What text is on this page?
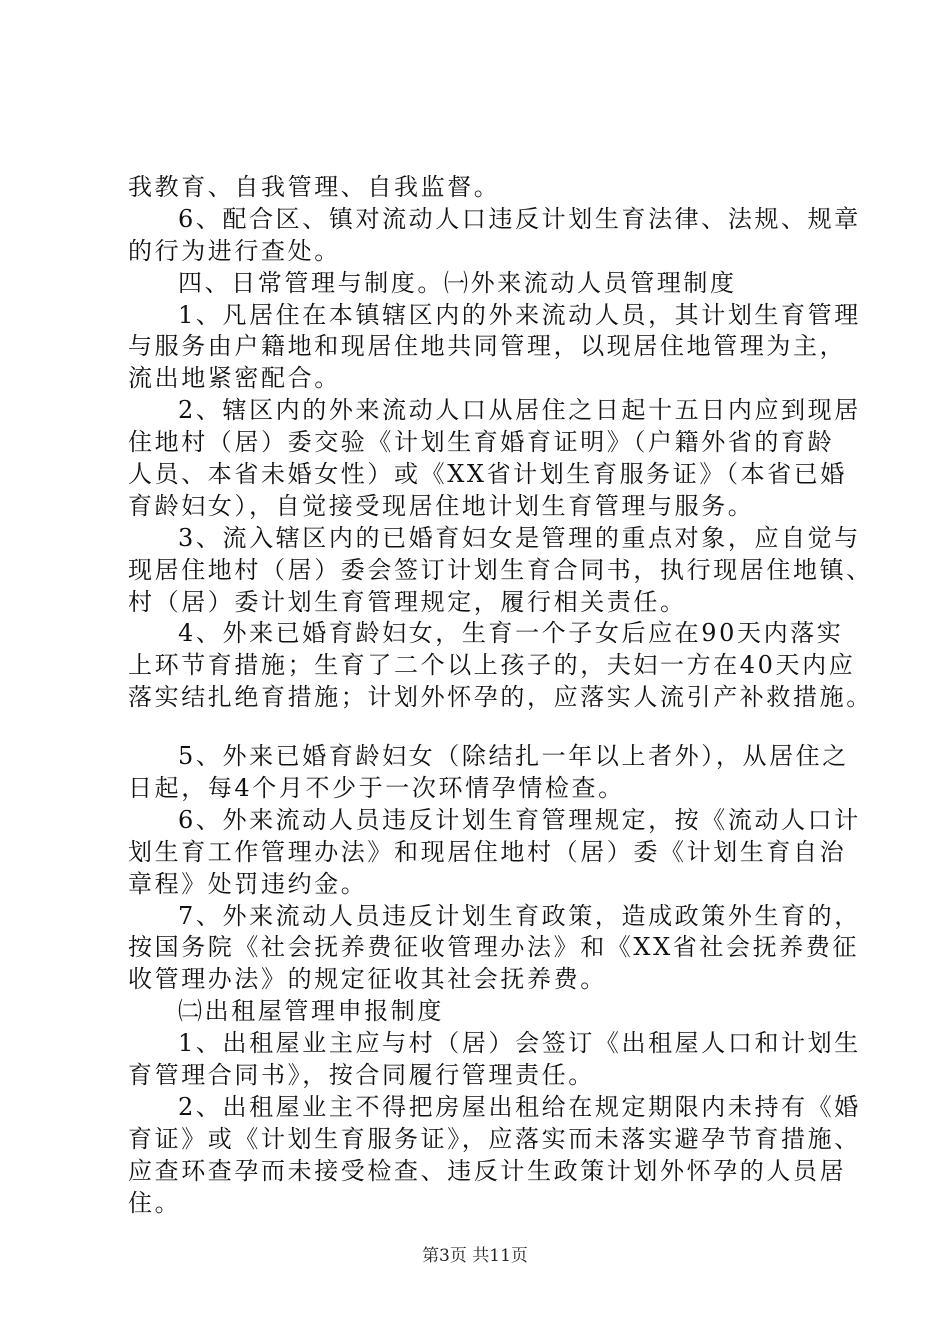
我教育、自我管理、自我监督。
6、配合区、镇对流动人口违反计划生育法律、法规、规章
的行为进行查处。
四、日常管理与制度。㈠外来流动人员管理制度
1、凡居住在本镇辖区内的外来流动人员，其计划生育管理
与服务由户籍地和现居住地共同管理，以现居住地管理为主，
流出地紧密配合。
2、辖区内的外来流动人口从居住之日起十五日内应到现居
住地村（居）委交验《计划生育婚育证明》（户籍外省的育龄
人员、本省未婚女性）或《XX省计划生育服务证》（本省已婚
育龄妇女），自觉接受现居住地计划生育管理与服务。
3、流入辖区内的已婚育妇女是管理的重点对象，应自觉与
现居住地村（居）委会签订计划生育合同书，执行现居住地镇、
村（居）委计划生育管理规定，履行相关责任。
4、外来已婚育龄妇女，生育一个子女后应在90天内落实
上环节育措施；生育了二个以上孩子的，夫妇一方在40天内应
落实结扎绝育措施；计划外怀孕的，应落实人流引产补救措施。
5、外来已婚育龄妇女（除结扎一年以上者外），从居住之
日起，每4个月不少于一次环情孕情检查。
6、外来流动人员违反计划生育管理规定，按《流动人口计
划生育工作管理办法》和现居住地村（居）委《计划生育自治
章程》处罚违约金。
7、外来流动人员违反计划生育政策，造成政策外生育的，
按国务院《社会抚养费征收管理办法》和《XX省社会抚养费征
收管理办法》的规定征收其社会抚养费。
㈡出租屋管理申报制度
1、出租屋业主应与村（居）会签订《出租屋人口和计划生
育管理合同书》，按合同履行管理责任。
2、出租屋业主不得把房屋出租给在规定期限内未持有《婚
育证》或《计划生育服务证》，应落实而未落实避孕节育措施、
应查环查孕而未接受检查、违反计生政策计划外怀孕的人员居
住。
第3页 共11页
